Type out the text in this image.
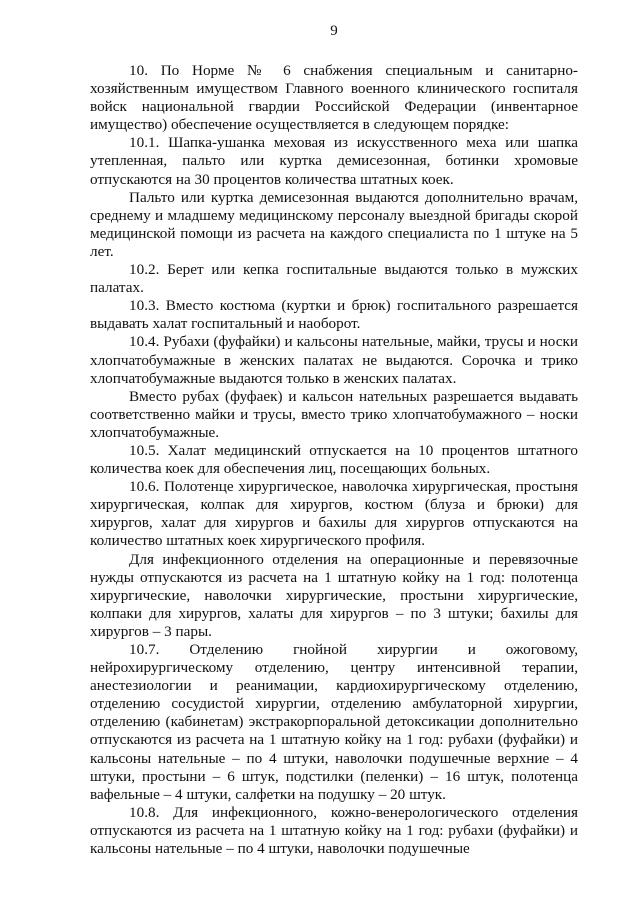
9

10. По Норме № 6 снабжения специальным и санитарно-хозяйственным имуществом Главного военного клинического госпиталя войск национальной гвардии Российской Федерации (инвентарное имущество) обеспечение осуществляется в следующем порядке:

10.1. Шапка-ушанка меховая из искусственного меха или шапка утепленная, пальто или куртка демисезонная, ботинки хромовые отпускаются на 30 процентов количества штатных коек.

Пальто или куртка демисезонная выдаются дополнительно врачам, среднему и младшему медицинскому персоналу выездной бригады скорой медицинской помощи из расчета на каждого специалиста по 1 штуке на 5 лет.

10.2. Берет или кепка госпитальные выдаются только в мужских палатах.

10.3. Вместо костюма (куртки и брюк) госпитального разрешается выдавать халат госпитальный и наоборот.

10.4. Рубахи (фуфайки) и кальсоны нательные, майки, трусы и носки хлопчатобумажные в женских палатах не выдаются. Сорочка и трико хлопчатобумажные выдаются только в женских палатах.

Вместо рубах (фуфаек) и кальсон нательных разрешается выдавать соответственно майки и трусы, вместо трико хлопчатобумажного – носки хлопчатобумажные.

10.5. Халат медицинский отпускается на 10 процентов штатного количества коек для обеспечения лиц, посещающих больных.

10.6. Полотенце хирургическое, наволочка хирургическая, простыня хирургическая, колпак для хирургов, костюм (блуза и брюки) для хирургов, халат для хирургов и бахилы для хирургов отпускаются на количество штатных коек хирургического профиля.

Для инфекционного отделения на операционные и перевязочные нужды отпускаются из расчета на 1 штатную койку на 1 год: полотенца хирургические, наволочки хирургические, простыни хирургические, колпаки для хирургов, халаты для хирургов – по 3 штуки; бахилы для хирургов – 3 пары.

10.7. Отделению гнойной хирургии и ожоговому, нейрохирургическому отделению, центру интенсивной терапии, анестезиологии и реанимации, кардиохирургическому отделению, отделению сосудистой хирургии, отделению амбулаторной хирургии, отделению (кабинетам) экстракорпоральной детоксикации дополнительно отпускаются из расчета на 1 штатную койку на 1 год: рубахи (фуфайки) и кальсоны нательные – по 4 штуки, наволочки подушечные верхние – 4 штуки, простыни – 6 штук, подстилки (пеленки) – 16 штук, полотенца вафельные – 4 штуки, салфетки на подушку – 20 штук.

10.8. Для инфекционного, кожно-венерологического отделения отпускаются из расчета на 1 штатную койку на 1 год: рубахи (фуфайки) и кальсоны нательные – по 4 штуки, наволочки подушечные
